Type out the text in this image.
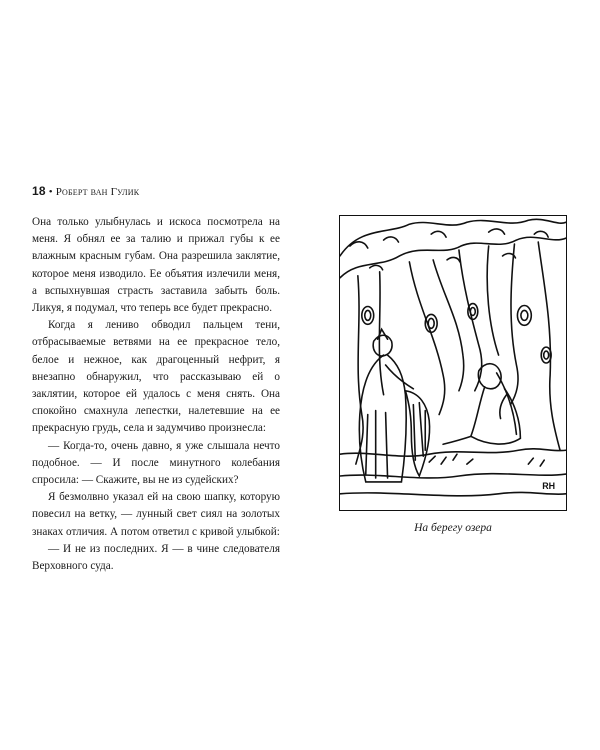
18 • Роберт ван Гулик

Она только улыбнулась и искоса посмотрела на меня. Я обнял ее за талию и прижал губы к ее влажным красным губам. Она разрешила заклятие, которое меня изводило. Ее объятия излечили меня, а вспыхнувшая страсть заставила забыть боль. Ликуя, я подумал, что теперь все будет прекрасно.

Когда я лениво обводил пальцем тени, отбрасываемые ветвями на ее прекрасное тело, белое и нежное, как драгоценный нефрит, я внезапно обнаружил, что рассказываю ей о заклятии, которое ей удалось с меня снять. Она спокойно смахнула лепестки, налетевшие на ее прекрасную грудь, села и задумчиво произнесла:

— Когда-то, очень давно, я уже слышала нечто подобное. — И после минутного колебания спросила: — Скажите, вы не из судейских?

Я безмолвно указал ей на свою шапку, которую повесил на ветку, — лунный свет сиял на золотых знаках отличия. А потом ответил с кривой улыбкой:

— И не из последних. Я — в чине следователя Верховного суда.

RH
На берегу озера
